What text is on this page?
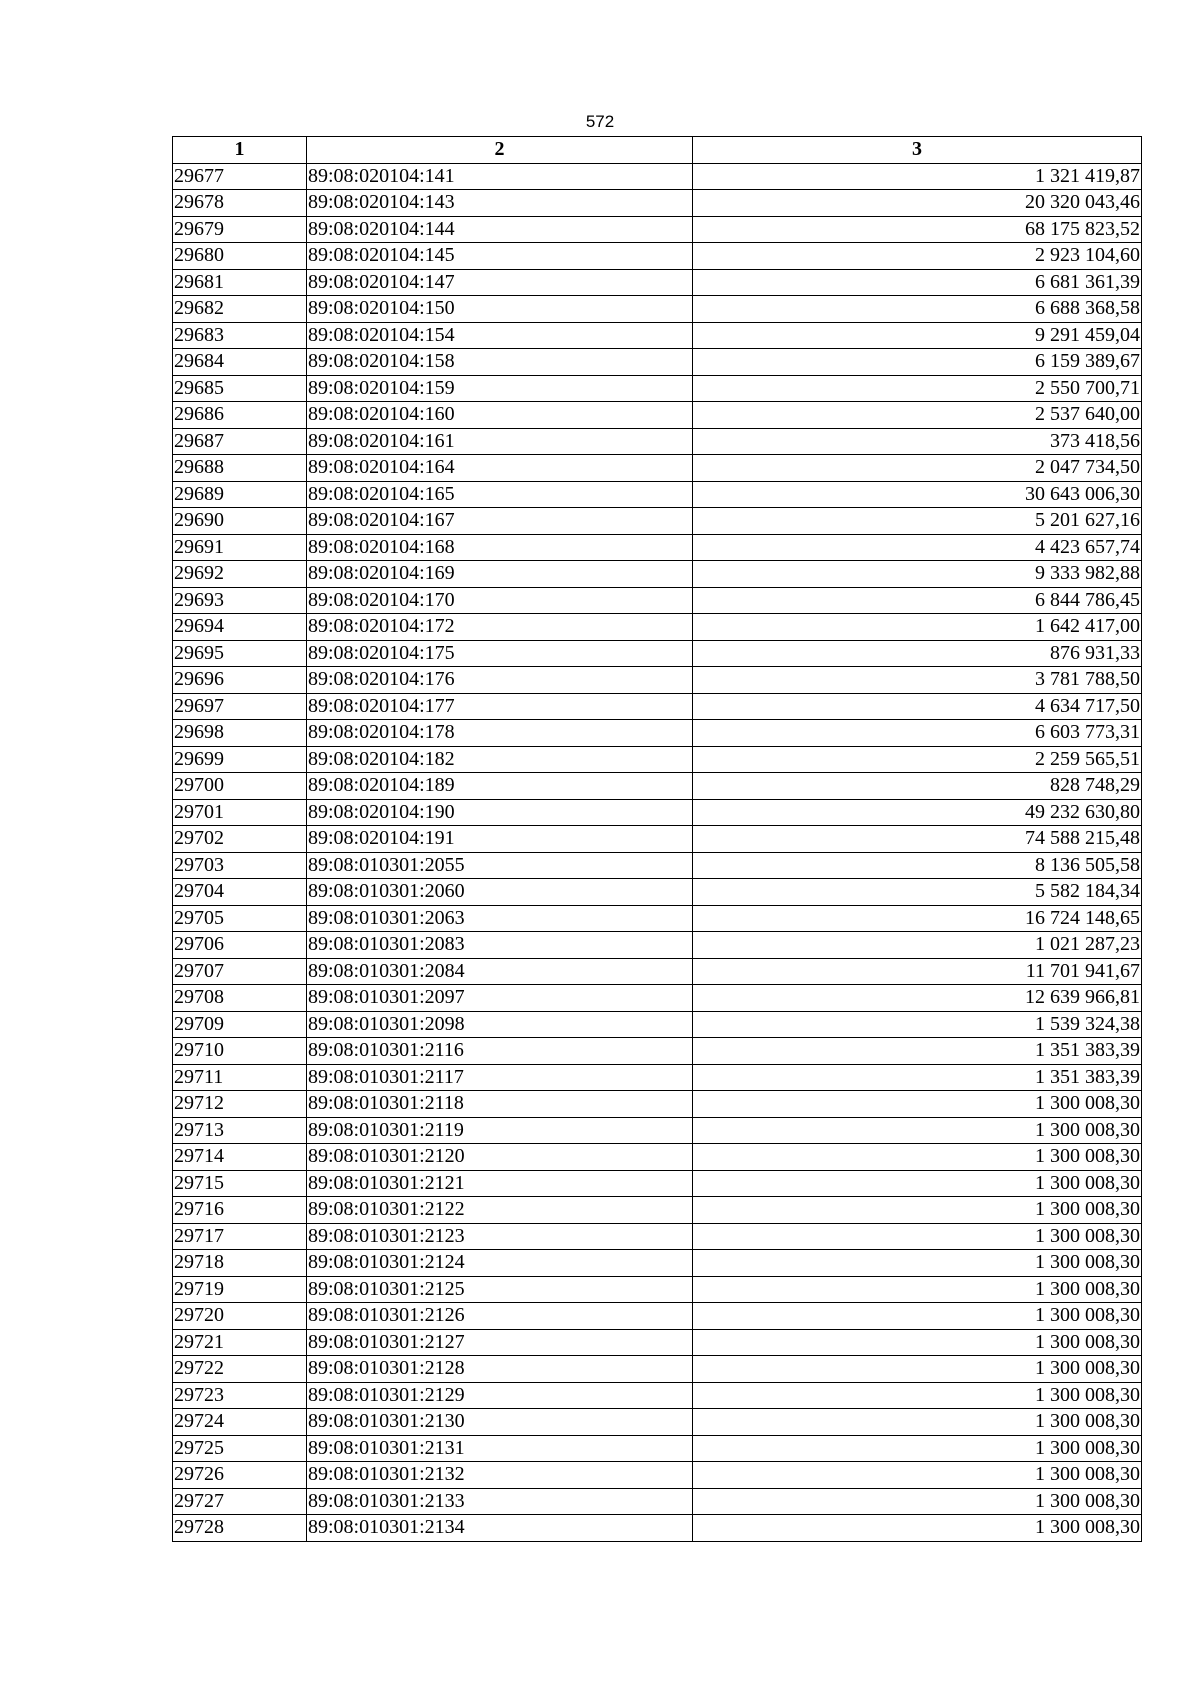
572
1	2	3
29677	89:08:020104:141	1 321 419,87
29678	89:08:020104:143	20 320 043,46
29679	89:08:020104:144	68 175 823,52
29680	89:08:020104:145	2 923 104,60
29681	89:08:020104:147	6 681 361,39
29682	89:08:020104:150	6 688 368,58
29683	89:08:020104:154	9 291 459,04
29684	89:08:020104:158	6 159 389,67
29685	89:08:020104:159	2 550 700,71
29686	89:08:020104:160	2 537 640,00
29687	89:08:020104:161	373 418,56
29688	89:08:020104:164	2 047 734,50
29689	89:08:020104:165	30 643 006,30
29690	89:08:020104:167	5 201 627,16
29691	89:08:020104:168	4 423 657,74
29692	89:08:020104:169	9 333 982,88
29693	89:08:020104:170	6 844 786,45
29694	89:08:020104:172	1 642 417,00
29695	89:08:020104:175	876 931,33
29696	89:08:020104:176	3 781 788,50
29697	89:08:020104:177	4 634 717,50
29698	89:08:020104:178	6 603 773,31
29699	89:08:020104:182	2 259 565,51
29700	89:08:020104:189	828 748,29
29701	89:08:020104:190	49 232 630,80
29702	89:08:020104:191	74 588 215,48
29703	89:08:010301:2055	8 136 505,58
29704	89:08:010301:2060	5 582 184,34
29705	89:08:010301:2063	16 724 148,65
29706	89:08:010301:2083	1 021 287,23
29707	89:08:010301:2084	11 701 941,67
29708	89:08:010301:2097	12 639 966,81
29709	89:08:010301:2098	1 539 324,38
29710	89:08:010301:2116	1 351 383,39
29711	89:08:010301:2117	1 351 383,39
29712	89:08:010301:2118	1 300 008,30
29713	89:08:010301:2119	1 300 008,30
29714	89:08:010301:2120	1 300 008,30
29715	89:08:010301:2121	1 300 008,30
29716	89:08:010301:2122	1 300 008,30
29717	89:08:010301:2123	1 300 008,30
29718	89:08:010301:2124	1 300 008,30
29719	89:08:010301:2125	1 300 008,30
29720	89:08:010301:2126	1 300 008,30
29721	89:08:010301:2127	1 300 008,30
29722	89:08:010301:2128	1 300 008,30
29723	89:08:010301:2129	1 300 008,30
29724	89:08:010301:2130	1 300 008,30
29725	89:08:010301:2131	1 300 008,30
29726	89:08:010301:2132	1 300 008,30
29727	89:08:010301:2133	1 300 008,30
29728	89:08:010301:2134	1 300 008,30
